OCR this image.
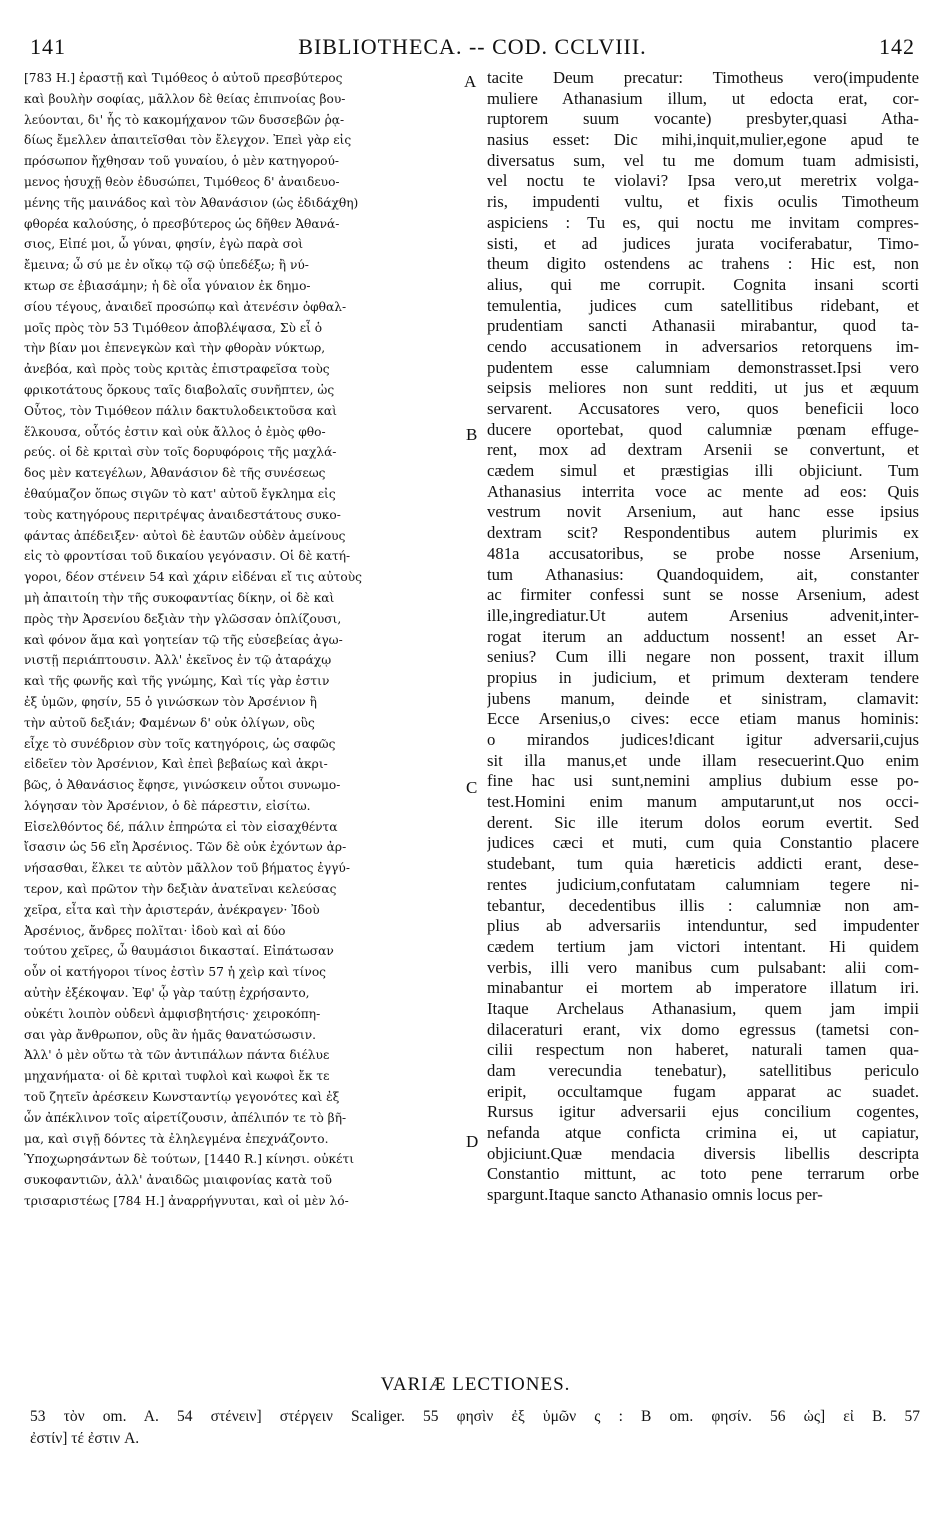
141	BIBLIOTHECA. -- COD. CCLVIII.	142
[783 H.] ἐραστῇ καὶ Τιμόθεος ὁ αὐτοῦ πρεσβύτερος
καὶ βουλὴν σοφίας, μᾶλλον δὲ θείας ἐπιπνοίας βου-
λεύονται, δι' ἧς τὸ κακομήχανον τῶν δυσσεβῶν ῥᾳ-
δίως ἔμελλεν ἀπαιτεῖσθαι τὸν ἔλεγχον. Ἐπεὶ γὰρ εἰς
πρόσωπον ἤχθησαν τοῦ γυναίου, ὁ μὲν κατηγορού-
μενος ἡσυχῇ θεὸν ἐδυσώπει, Τιμόθεος δ' ἀναιδευο-
μένης τῆς μαινάδος καὶ τὸν Ἀθανάσιον (ὡς ἐδιδάχθη)
φθορέα καλούσης, ὁ πρεσβύτερος ὡς δῆθεν Ἀθανά-
σιος, Εἰπέ μοι, ὦ γύναι, φησίν, ἐγὼ παρὰ σοὶ
ἔμεινα; ὦ σύ με ἐν οἴκῳ τῷ σῷ ὑπεδέξω; ἢ νύ-
κτωρ σε ἐβιασάμην; ἡ δὲ οἷα γύναιον ἐκ δημο-
σίου τέγους, ἀναιδεῖ προσώπῳ καὶ ἀτενέσιν ὀφθαλ-
μοῖς πρὸς τὸν 53 Τιμόθεον ἀποβλέψασα, Σὺ εἶ ὁ
τὴν βίαν μοι ἐπενεγκὼν καὶ τὴν φθορὰν νύκτωρ,
ἀνεβόα, καὶ πρὸς τοὺς κριτὰς ἐπιστραφεῖσα τοὺς
φρικοτάτους ὅρκους ταῖς διαβολαῖς συνῆπτεν, ὡς
Οὗτος, τὸν Τιμόθεον πάλιν δακτυλοδεικτοῦσα καὶ
ἕλκουσα, οὗτός ἐστιν καὶ οὐκ ἄλλος ὁ ἐμὸς φθο-
ρεύς. οἱ δὲ κριταὶ σὺν τοῖς δορυφόροις τῆς μαχλά-
δος μὲν κατεγέλων, Ἀθανάσιον δὲ τῆς συνέσεως
ἐθαύμαζον ὅπως σιγῶν τὸ κατ' αὐτοῦ ἔγκλημα εἰς
τοὺς κατηγόρους περιτρέψας ἀναιδεστάτους συκο-
φάντας ἀπέδειξεν· αὐτοὶ δὲ ἑαυτῶν οὐδὲν ἀμείνους
εἰς τὸ φροντίσαι τοῦ δικαίου γεγόνασιν. Οἱ δὲ κατή-
γοροι, δέον στένειν 54 καὶ χάριν εἰδέναι εἴ τις αὐτοὺς
μὴ ἀπαιτοίη τὴν τῆς συκοφαντίας δίκην, οἱ δὲ καὶ
πρὸς τὴν Ἀρσενίου δεξιὰν τὴν γλῶσσαν ὁπλίζουσι,
καὶ φόνον ἅμα καὶ γοητείαν τῷ τῆς εὐσεβείας ἀγω-
νιστῇ περιάπτουσιν. Ἀλλ' ἐκεῖνος ἐν τῷ ἀταράχῳ
καὶ τῆς φωνῆς καὶ τῆς γνώμης, Καὶ τίς γὰρ ἐστιν
ἐξ ὑμῶν, φησίν, 55 ὁ γινώσκων τὸν Ἀρσένιον ἢ
τὴν αὐτοῦ δεξιάν; Φαμένων δ' οὐκ ὀλίγων, οὓς
εἶχε τὸ συνέδριον σὺν τοῖς κατηγόροις, ὡς σαφῶς
εἰδεῖεν τὸν Ἀρσένιον, Καὶ ἐπεὶ βεβαίως καὶ ἀκρι-
βῶς, ὁ Ἀθανάσιος ἔφησε, γινώσκειν οὗτοι συνωμο-
λόγησαν τὸν Ἀρσένιον, ὁ δὲ πάρεστιν, εἰσίτω.
Εἰσελθόντος δέ, πάλιν ἐπηρώτα εἰ τὸν εἰσαχθέντα
ἴσασιν ὡς 56 εἴη Ἀρσένιος. Τῶν δὲ οὐκ ἐχόντων ἀρ-
νήσασθαι, ἕλκει τε αὐτὸν μᾶλλον τοῦ βήματος ἐγγύ-
τερον, καὶ πρῶτον τὴν δεξιὰν ἀνατεῖναι κελεύσας
χεῖρα, εἶτα καὶ τὴν ἀριστεράν, ἀνέκραγεν· Ἰδοὺ
Ἀρσένιος, ἄνδρες πολῖται· ἰδοὺ καὶ αἱ δύο
τούτου χεῖρες, ὦ θαυμάσιοι δικασταί. Εἰπάτωσαν
οὖν οἱ κατήγοροι τίνος ἐστὶν 57 ἡ χεὶρ καὶ τίνος
αὐτὴν ἐξέκοψαν. Ἐφ' ᾧ γὰρ ταύτῃ ἐχρήσαντο,
οὐκέτι λοιπὸν οὐδενὶ ἀμφισβητήσις· χειροκόπη-
σαι γὰρ ἄνθρωπον, οὓς ἂν ἡμᾶς θανατώσωσιν.
Ἀλλ' ὁ μὲν οὕτω τὰ τῶν ἀντιπάλων πάντα διέλυε
μηχανήματα· οἱ δὲ κριταὶ τυφλοὶ καὶ κωφοὶ ἔκ τε
τοῦ ζητεῖν ἀρέσκειν Κωνσταντίῳ γεγονότες καὶ ἐξ
ὧν ἀπέκλινον τοῖς αἱρετίζουσιν, ἀπέλιπόν τε τὸ βῆ-
μα, καὶ σιγῇ δόντες τὰ ἐληλεγμένα ἐπεχνάζοντο.
Ὑποχωρησάντων δὲ τούτων, [1440 R.] κίνησι. οὐκέτι
συκοφαντιῶν, ἀλλ' ἀναιδῶς μιαιφονίας κατὰ τοῦ
τρισαριστέως [784 H.] ἀναρρήγνυται, καὶ οἱ μὲν λό-
tacite Deum precatur: Timotheus vero(impudente
muliere Athanasium illum, ut edocta erat, cor-
ruptorem suum vocante) presbyter,quasi Atha-
nasius esset: Dic mihi,inquit,mulier,egone apud te
diversatus sum, vel tu me domum tuam admisisti,
vel noctu te violavi? Ipsa vero,ut meretrix volga-
ris, impudenti vultu, et fixis oculis Timotheum
aspiciens : Tu es, qui noctu me invitam compres-
sisti, et ad judices jurata vociferabatur, Timo-
theum digito ostendens ac trahens : Hic est, non
alius, qui me corrupit. Cognita insani scorti
temulentia, judices cum satellitibus ridebant, et
prudentiam sancti Athanasii mirabantur, quod ta-
cendo accusationem in adversarios retorquens im-
pudentem esse calumniam demonstrasset.Ipsi vero
seipsis meliores non sunt redditi, ut jus et æquum
servarent. Accusatores vero, quos beneficii loco
ducere oportebat, quod calumniæ pœnam effuge-
rent, mox ad dextram Arsenii se convertunt, et
cædem simul et præstigias illi objiciunt. Tum
Athanasius interrita voce ac mente ad eos: Quis
vestrum novit Arsenium, aut hanc esse ipsius
dextram scit? Respondentibus autem plurimis ex
481a accusatoribus, se probe nosse Arsenium,
tum Athanasius: Quandoquidem, ait, constanter
ac firmiter confessi sunt se nosse Arsenium, adest
ille,ingrediatur.Ut autem Arsenius advenit,inter-
rogat iterum an adductum nossent! an esset Ar-
senius? Cum illi negare non possent, traxit illum
propius in judicium, et primum dexteram tendere
jubens manum, deinde et sinistram, clamavit:
Ecce Arsenius,o cives: ecce etiam manus hominis:
o mirandos judices!dicant igitur adversarii,cujus
sit illa manus,et unde illam resecuerint.Quo enim
fine hac usi sunt,nemini amplius dubium esse po-
test.Homini enim manum amputarunt,ut nos occi-
derent. Sic ille iterum dolos eorum evertit. Sed
judices cæci et muti, cum quia Constantio placere
studebant, tum quia hæreticis addicti erant, dese-
rentes judicium,confutatam calumniam tegere ni-
tebantur, decedentibus illis : calumniæ non am-
plius ab adversariis intenduntur, sed impudenter
cædem tertium jam victori intentant. Hi quidem
verbis, illi vero manibus cum pulsabant: alii com-
minabantur ei mortem ab imperatore illatum iri.
Itaque Archelaus Athanasium, quem jam impii
dilaceraturi erant, vix domo egressus (tametsi con-
cilii respectum non haberet, naturali tamen qua-
dam verecundia tenebatur), satellitibus periculo
eripit, occultamque fugam apparat ac suadet.
Rursus igitur adversarii ejus concilium cogentes,
nefanda atque conficta crimina ei, ut capiatur,
objiciunt.Quæ mendacia diversis libellis descripta
Constantio mittunt, ac toto pene terrarum orbe
spargunt.Itaque sancto Athanasio omnis locus per-
A
B
C
D
VARIÆ LECTIONES.
53 τὸν om. A. 54 στένειν] στέργειν Scaliger. 55 φησὶν ἐξ ὑμῶν ς : B om. φησίν. 56 ὡς] εἰ B. 57
ἐστίν] τέ ἐστιν A.
